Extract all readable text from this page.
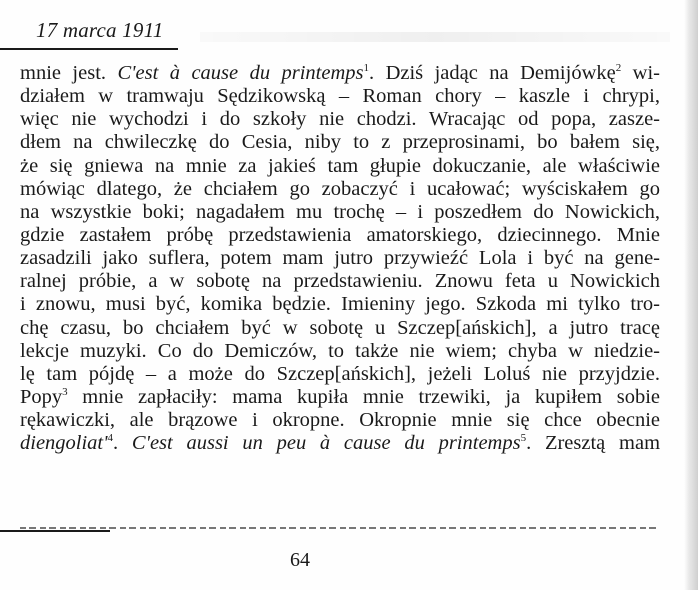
17 marca 1911
mnie jest. C'est à cause du printemps$^1$. Dziś jadąc na Demijówkę$^2$ wi-
działem w tramwaju Sędzikowską – Roman chory – kaszle i chrypi,
więc nie wychodzi i do szkoły nie chodzi. Wracając od popa, zasze-
dłem na chwileczkę do Cesia, niby to z przeprosinami, bo bałem się,
że się gniewa na mnie za jakieś tam głupie dokuczanie, ale właściwie
mówiąc dlatego, że chciałem go zobaczyć i ucałować; wyściskałem go
na wszystkie boki; nagadałem mu trochę – i poszedłem do Nowickich,
gdzie zastałem próbę przedstawienia amatorskiego, dziecinnego. Mnie
zasadzili jako suflera, potem mam jutro przywieźć Lola i być na gene-
ralnej próbie, a w sobotę na przedstawieniu. Znowu feta u Nowickich
i znowu, musi być, komika będzie. Imieniny jego. Szkoda mi tylko tro-
chę czasu, bo chciałem być w sobotę u Szczep[ańskich], a jutro tracę
lekcje muzyki. Co do Demiczów, to także nie wiem; chyba w niedzie-
lę tam pójdę – a może do Szczep[ańskich], jeżeli Loluś nie przyjdzie.
Popy$^3$ mnie zapłaciły: mama kupiła mnie trzewiki, ja kupiłem sobie
rękawiczki, ale brązowe i okropne. Okropnie mnie się chce obecnie
$diengoliat'^4$. C'est aussi un peu à cause du printemps$^5$. Zresztą mam
64
